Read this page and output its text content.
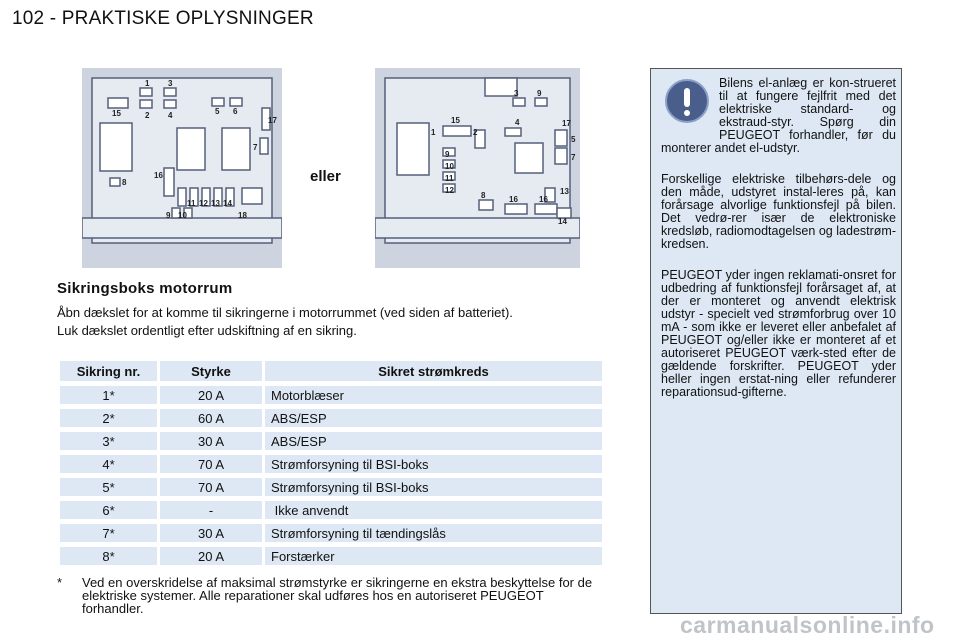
102 - PRAKTISKE OPLYSNINGER
1 3
15	2 4	5 6
17
7
8
16
11 12 13 14
9 10	18
eller
3 9
15
1	2
4	17
5
7
9
10
11
12	13
8	16	16
14
Sikringsboks motorrum
Åbn dækslet for at komme til sikringerne i motorrummet (ved siden af batteriet).
Luk dækslet ordentligt efter udskiftning af en sikring.
Sikring nr.	Styrke	Sikret strømkreds
1*	20 A	Motorblæser
2*	60 A	ABS/ESP
3*	30 A	ABS/ESP
4*	70 A	Strømforsyning til BSI-boks
5*	70 A	Strømforsyning til BSI-boks
6*	-	Ikke anvendt
7*	30 A	Strømforsyning til tændingslås
8*	20 A	Forstærker
*	Ved en overskridelse af maksimal strømstyrke er sikringerne en ekstra beskyttelse for de elektriske systemer. Alle reparationer skal udføres hos en autoriseret PEUGEOT forhandler.

Bilens el-anlæg er kon-strueret til at fungere fejlfrit med det elektriske standard- og ekstraud-styr. Spørg din PEUGEOT forhandler, før du monterer andet el-udstyr.

Forskellige elektriske tilbehørs-dele og den måde, udstyret instal-leres på, kan forårsage alvorlige funktionsfejl på bilen. Det vedrø-rer især de elektroniske kredsløb, radiomodtagelsen og ladestrøm-kredsen.

PEUGEOT yder ingen reklamati-onsret for udbedring af funktionsfejl forårsaget af, at der er monteret og anvendt elektrisk udstyr - specielt ved strømforbrug over 10 mA - som ikke er leveret eller anbefalet af PEUGEOT og/eller ikke er monteret af et autoriseret PEUGEOT værk-sted efter de gældende forskrifter. PEUGEOT yder heller ingen erstat-ning eller refunderer reparationsud-gifterne.

carmanualsonline.info
